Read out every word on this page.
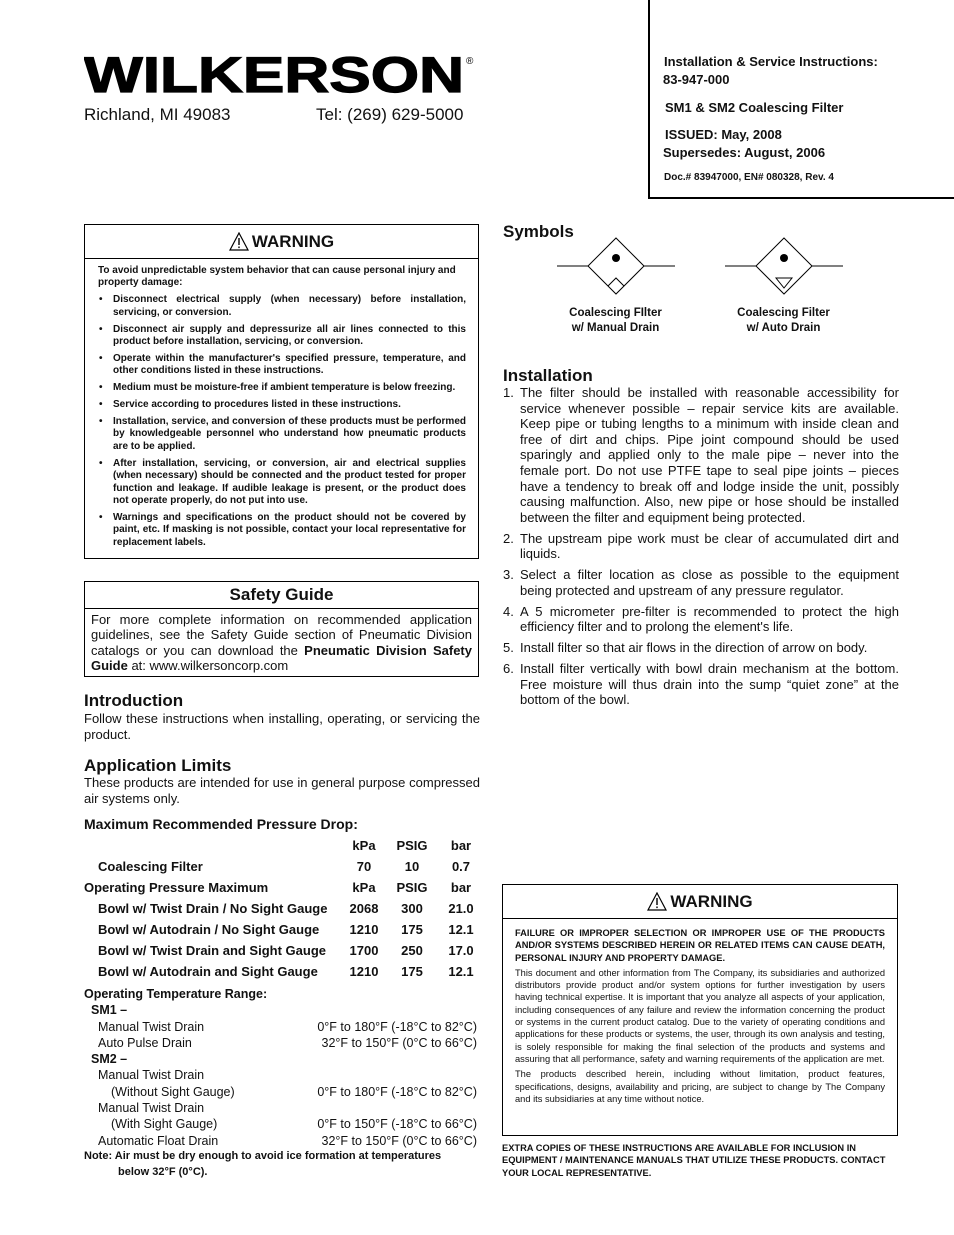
WILKERSON ®
Richland, MI 49083	Tel: (269) 629-5000
Installation & Service Instructions:
83-947-000
SM1 & SM2 Coalescing Filter
ISSUED: May, 2008
Supersedes: August, 2006
Doc.# 83947000, EN# 080328, Rev. 4
WARNING
To avoid unpredictable system behavior that can cause personal injury and property damage:
• Disconnect electrical supply (when necessary) before installation, servicing, or conversion.
• Disconnect air supply and depressurize all air lines connected to this product before installation, servicing, or conversion.
• Operate within the manufacturer's specified pressure, temperature, and other conditions listed in these instructions.
• Medium must be moisture-free if ambient temperature is below freezing.
• Service according to procedures listed in these instructions.
• Installation, service, and conversion of these products must be performed by knowledgeable personnel who understand how pneumatic products are to be applied.
• After installation, servicing, or conversion, air and electrical supplies (when necessary) should be connected and the product tested for proper function and leakage. If audible leakage is present, or the product does not operate properly, do not put into use.
• Warnings and specifications on the product should not be covered by paint, etc. If masking is not possible, contact your local representative for replacement labels.
Safety Guide
For more complete information on recommended application guidelines, see the Safety Guide section of Pneumatic Division catalogs or you can download the Pneumatic Division Safety Guide at: www.wilkersoncorp.com
Introduction
Follow these instructions when installing, operating, or servicing the product.
Application Limits
These products are intended for use in general purpose compressed air systems only.
Maximum Recommended Pressure Drop:
kPa PSIG	bar
Coalescing Filter	70	10	0.7
Operating Pressure Maximum	kPa PSIG	bar
Bowl w/ Twist Drain / No Sight Gauge 2068	300	21.0
Bowl w/ Autodrain / No Sight Gauge 1210	175	12.1
Bowl w/ Twist Drain and Sight Gauge 1700	250	17.0
Bowl w/ Autodrain and Sight Gauge 1210	175	12.1
Operating Temperature Range:
SM1 –
Manual Twist Drain	0°F to 180°F (-18°C to 82°C)
Auto Pulse Drain	32°F to 150°F (0°C to 66°C)
SM2 –
Manual Twist Drain
(Without Sight Gauge)	0°F to 180°F (-18°C to 82°C)
Manual Twist Drain
(With Sight Gauge)	0°F to 150°F (-18°C to 66°C)
Automatic Float Drain	32°F to 150°F (0°C to 66°C)
Note: Air must be dry enough to avoid ice formation at temperatures
below 32°F (0°C).
Symbols
Coalescing FIlter
w/ Manual Drain
Coalescing Filter
w/ Auto Drain
Installation
1. The filter should be installed with reasonable accessibility for service whenever possible – repair service kits are available. Keep pipe or tubing lengths to a minimum with inside clean and free of dirt and chips. Pipe joint compound should be used sparingly and applied only to the male pipe – never into the female port. Do not use PTFE tape to seal pipe joints – pieces have a tendency to break off and lodge inside the unit, possibly causing malfunction. Also, new pipe or hose should be installed between the filter and equipment being protected.
2. The upstream pipe work must be clear of accumulated dirt and liquids.
3. Select a filter location as close as possible to the equipment being protected and upstream of any pressure regulator.
4. A 5 micrometer pre-filter is recommended to protect the high efficiency filter and to prolong the element's life.
5. Install filter so that air flows in the direction of arrow on body.
6. Install filter vertically with bowl drain mechanism at the bottom. Free moisture will thus drain into the sump “quiet zone” at the bottom of the bowl.
WARNING

FAILURE OR IMPROPER SELECTION OR IMPROPER USE OF THE PRODUCTS AND/OR SYSTEMS DESCRIBED HEREIN OR RELATED ITEMS CAN CAUSE DEATH, PERSONAL INJURY AND PROPERTY DAMAGE.

This document and other information from The Company, its subsidiaries and authorized distributors provide product and/or system options for further investigation by users having technical expertise. It is important that you analyze all aspects of your application, including consequences of any failure and review the information concerning the product or systems in the current product catalog. Due to the variety of operating conditions and applications for these products or systems, the user, through its own analysis and testing, is solely responsible for making the final selection of the products and systems and assuring that all performance, safety and warning requirements of the application are met.

The products described herein, including without limitation, product features, specifications, designs, availability and pricing, are subject to change by The Company and its subsidiaries at any time without notice.

EXTRA COPIES OF THESE INSTRUCTIONS ARE AVAILABLE FOR INCLUSION IN EQUIPMENT / MAINTENANCE MANUALS THAT UTILIZE THESE PRODUCTS. CONTACT YOUR LOCAL REPRESENTATIVE.
